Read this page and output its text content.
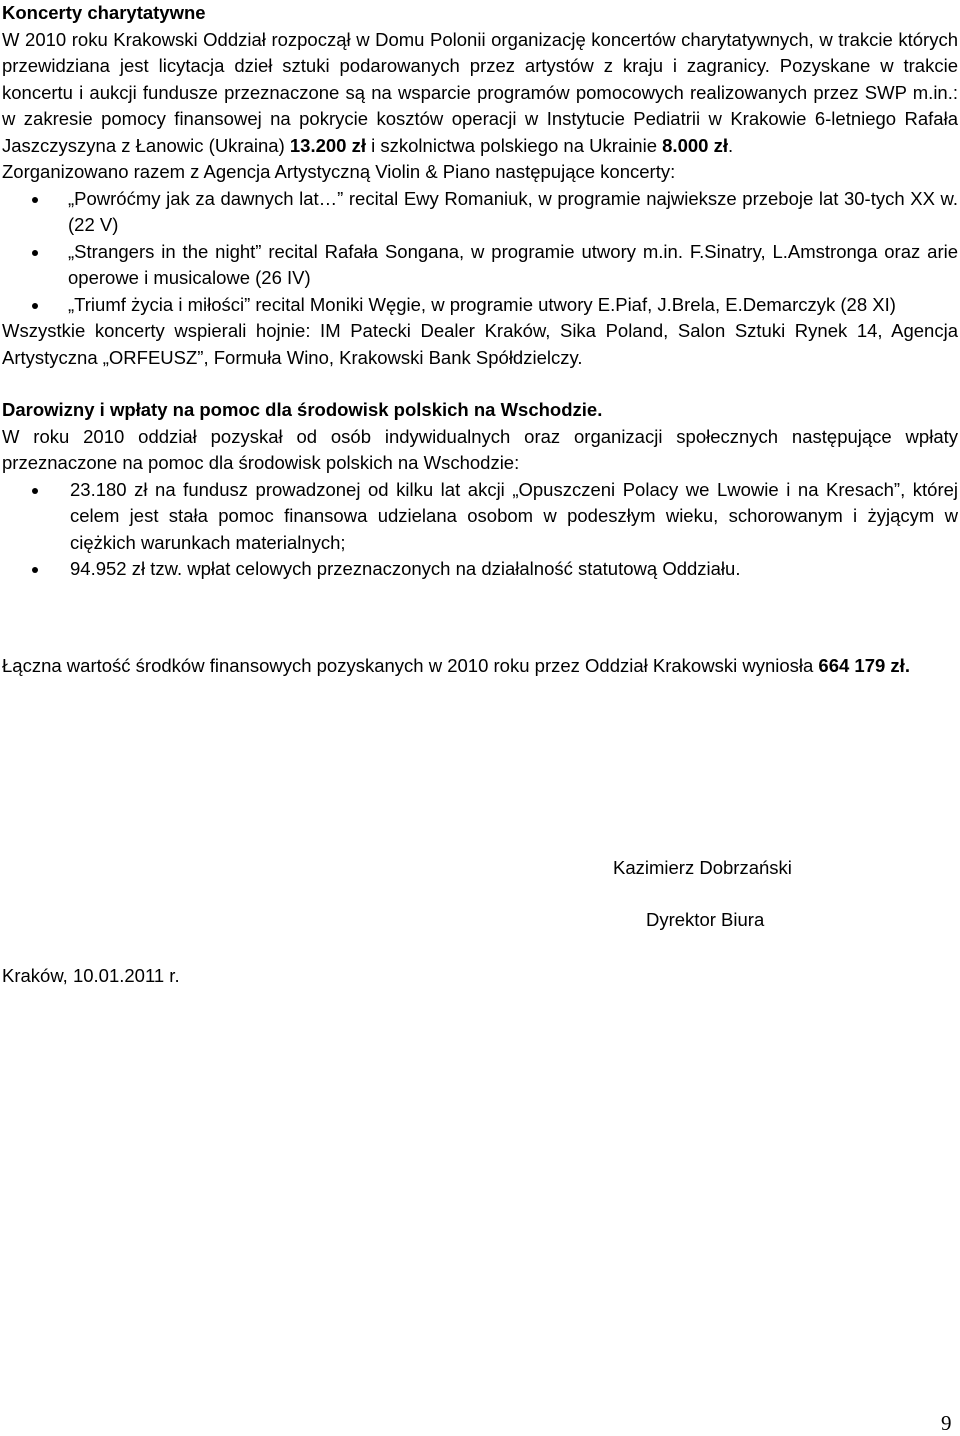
Koncerty charytatywne

W 2010 roku Krakowski Oddział rozpoczął w Domu Polonii organizację koncertów charytatywnych, w trakcie których przewidziana jest licytacja dzieł sztuki podarowanych przez artystów z kraju i zagranicy. Pozyskane w trakcie koncertu i aukcji fundusze przeznaczone są na wsparcie programów pomocowych realizowanych przez SWP m.in.: w zakresie pomocy finansowej na pokrycie kosztów operacji w Instytucie Pediatrii w Krakowie 6-letniego Rafała Jaszczyszyna z Łanowic (Ukraina) 13.200 zł i szkolnictwa polskiego na Ukrainie 8.000 zł.

Zorganizowano razem z Agencja Artystyczną Violin & Piano następujące koncerty:

„Powróćmy jak za dawnych lat…” recital Ewy Romaniuk, w programie najwieksze przeboje lat 30-tych XX w. (22 V)
„Strangers in the night” recital Rafała Songana, w programie utwory m.in. F.Sinatry, L.Amstronga oraz arie operowe i musicalowe (26 IV)
„Triumf życia i miłości” recital Moniki Węgie, w programie utwory E.Piaf, J.Brela, E.Demarczyk (28 XI)

Wszystkie koncerty wspierali hojnie: IM Patecki Dealer Kraków, Sika Poland, Salon Sztuki Rynek 14, Agencja Artystyczna „ORFEUSZ”, Formuła Wino, Krakowski Bank Spółdzielczy.

Darowizny i wpłaty na pomoc dla środowisk polskich na Wschodzie.

W roku 2010 oddział pozyskał od osób indywidualnych oraz organizacji społecznych następujące wpłaty przeznaczone na pomoc dla środowisk polskich na Wschodzie:

23.180 zł na fundusz prowadzonej od kilku lat akcji „Opuszczeni Polacy we Lwowie i na Kresach”, której celem jest stała pomoc finansowa udzielana osobom w podeszłym wieku, schorowanym i żyjącym w ciężkich warunkach materialnych;
94.952 zł tzw. wpłat celowych przeznaczonych na działalność statutową Oddziału.

Łączna wartość środków finansowych pozyskanych w 2010 roku przez Oddział Krakowski wyniosła 664 179 zł.

Kazimierz Dobrzański
Dyrektor Biura
Kraków, 10.01.2011 r.
9
